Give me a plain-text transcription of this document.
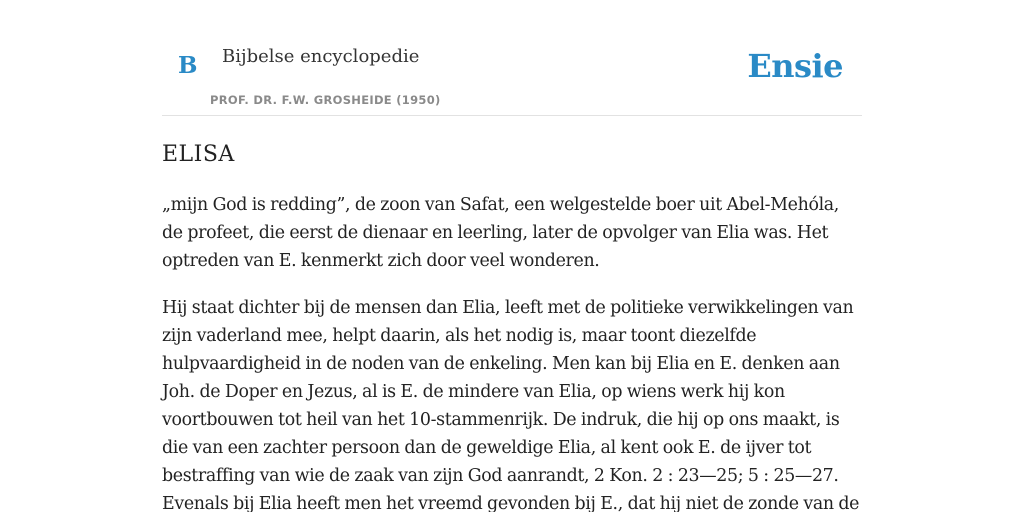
B Bijbelse encyclopedie
PROF. DR. F.W. GROSHEIDE (1950)
Ensie
ELISA

„mijn God is redding”, de zoon van Safat, een welgestelde boer uit Abel-Mehóla, de profeet, die eerst de dienaar en leerling, later de opvolger van Elia was. Het optreden van E. kenmerkt zich door veel wonderen.

Hij staat dichter bij de mensen dan Elia, leeft met de politieke verwikkelingen van zijn vaderland mee, helpt daarin, als het nodig is, maar toont diezelfde hulpvaardigheid in de noden van de enkeling. Men kan bij Elia en E. denken aan Joh. de Doper en Jezus, al is E. de mindere van Elia, op wiens werk hij kon voortbouwen tot heil van het 10-stammenrijk. De indruk, die hij op ons maakt, is die van een zachter persoon dan de geweldige Elia, al kent ook E. de ijver tot bestraffing van wie de zaak van zijn God aanrandt, 2 Kon. 2 : 23—25; 5 : 25—27. Evenals bij Elia heeft men het vreemd gevonden bij E., dat hij niet de zonde van de
